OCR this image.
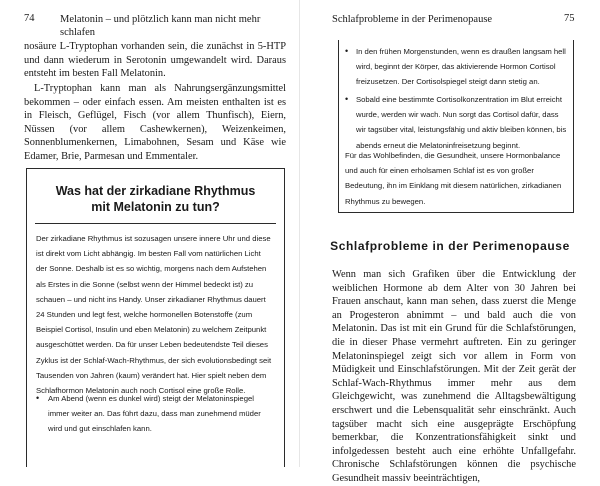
74 Melatonin – und plötzlich kann man nicht mehr schlafen
nosäure L-Tryptophan vorhanden sein, die zunächst in 5-HTP und dann wiederum in Serotonin umgewandelt wird. Daraus entsteht im besten Fall Melatonin.
L-Tryptophan kann man als Nahrungsergänzungsmittel bekommen – oder einfach essen. Am meisten enthalten ist es in Fleisch, Geflügel, Fisch (vor allem Thunfisch), Eiern, Nüssen (vor allem Cashewkernen), Weizenkeimen, Sonnenblumenkernen, Limabohnen, Sesam und Käse wie Edamer, Brie, Parmesan und Emmentaler.
Was hat der zirkadiane Rhythmus mit Melatonin zu tun?
Der zirkadiane Rhythmus ist sozusagen unsere innere Uhr und diese ist direkt vom Licht abhängig. Im besten Fall vom natürlichen Licht der Sonne. Deshalb ist es so wichtig, morgens nach dem Aufstehen als Erstes in die Sonne (selbst wenn der Himmel bedeckt ist) zu schauen – und nicht ins Handy. Unser zirkadianer Rhythmus dauert 24 Stunden und legt fest, welche hormonellen Botenstoffe (zum Beispiel Cortisol, Insulin und eben Melatonin) zu welchem Zeitpunkt ausgeschüttet werden. Da für unser Leben bedeutendste Teil dieses Zyklus ist der Schlaf-Wach-Rhythmus, der sich evolutionsbedingt seit Tausenden von Jahren (kaum) verändert hat. Hier spielt neben dem Schlafhormon Melatonin auch noch Cortisol eine große Rolle.
• Am Abend (wenn es dunkel wird) steigt der Melatoninspiegel immer weiter an. Das führt dazu, dass man zunehmend müder wird und gut einschlafen kann.
Schlafprobleme in der Perimenopause	75
• In den frühen Morgenstunden, wenn es draußen langsam hell wird, beginnt der Körper, das aktivierende Hormon Cortisol freizusetzen. Der Cortisolspiegel steigt dann stetig an.
• Sobald eine bestimmte Cortisolkonzentration im Blut erreicht wurde, werden wir wach. Nun sorgt das Cortisol dafür, dass wir tagsüber vital, leistungsfähig und aktiv bleiben können, bis abends erneut die Melatoninfreisetzung beginnt.
Für das Wohlbefinden, die Gesundheit, unsere Hormonbalance und auch für einen erholsamen Schlaf ist es von großer Bedeutung, ihn im Einklang mit diesem natürlichen, zirkadianen Rhythmus zu bewegen.
Schlafprobleme in der Perimenopause
Wenn man sich Grafiken über die Entwicklung der weiblichen Hormone ab dem Alter von 30 Jahren bei Frauen anschaut, kann man sehen, dass zuerst die Menge an Progesteron abnimmt – und bald auch die von Melatonin. Das ist mit ein Grund für die Schlafstörungen, die in dieser Phase vermehrt auftreten. Ein zu geringer Melatoninspiegel zeigt sich vor allem in Form von Müdigkeit und Einschlafstörungen. Mit der Zeit gerät der Schlaf-Wach-Rhythmus immer mehr aus dem Gleichgewicht, was zunehmend die Alltagsbewältigung erschwert und die Lebensqualität sehr einschränkt. Auch tagsüber macht sich eine ausgeprägte Erschöpfung bemerkbar, die Konzentrationsfähigkeit sinkt und infolgedessen besteht auch eine erhöhte Unfallgefahr. Chronische Schlafstörungen können die psychische Gesundheit massiv beeinträchtigen,
